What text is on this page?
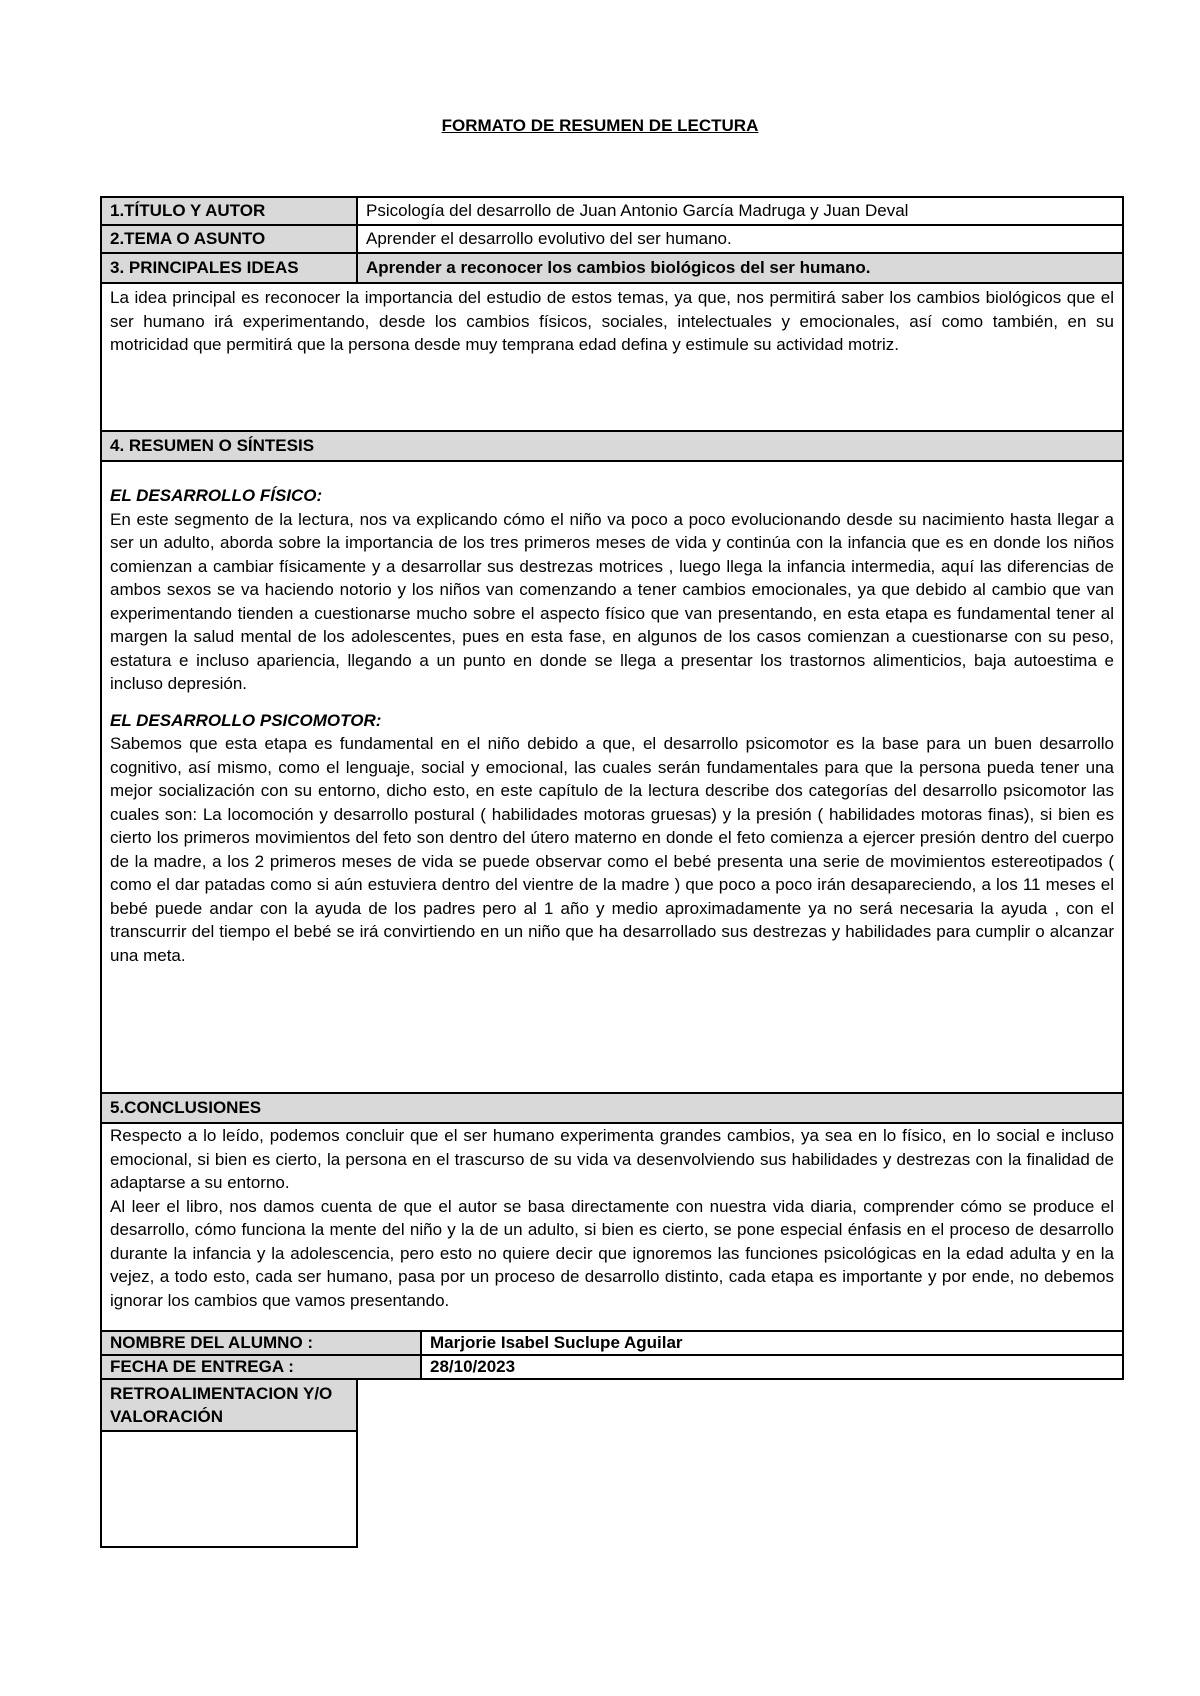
FORMATO DE RESUMEN DE LECTURA
1.TÍTULO Y AUTOR	Psicología del desarrollo de Juan Antonio García Madruga y Juan Deval
2.TEMA O ASUNTO	Aprender el desarrollo evolutivo del ser humano.
3. PRINCIPALES IDEAS	Aprender a reconocer los cambios biológicos del ser humano.

La idea principal es reconocer la importancia del estudio de estos temas, ya que, nos permitirá saber los cambios biológicos que el ser humano irá experimentando, desde los cambios físicos, sociales, intelectuales y emocionales, así como también, en su motricidad que permitirá que la persona desde muy temprana edad defina y estimule su actividad motriz.

4. RESUMEN O SÍNTESIS

EL DESARROLLO FÍSICO:

En este segmento de la lectura, nos va explicando cómo el niño va poco a poco evolucionando desde su nacimiento hasta llegar a ser un adulto, aborda sobre la importancia de los tres primeros meses de vida y continúa con la infancia que es en donde los niños comienzan a cambiar físicamente y a desarrollar sus destrezas motrices , luego llega la infancia intermedia, aquí las diferencias de ambos sexos se va haciendo notorio y los niños van comenzando a tener cambios emocionales, ya que debido al cambio que van experimentando tienden a cuestionarse mucho sobre el aspecto físico que van presentando, en esta etapa es fundamental tener al margen la salud mental de los adolescentes, pues en esta fase, en algunos de los casos comienzan a cuestionarse con su peso, estatura e incluso apariencia, llegando a un punto en donde se llega a presentar los trastornos alimenticios, baja autoestima e incluso depresión.

EL DESARROLLO PSICOMOTOR:

Sabemos que esta etapa es fundamental en el niño debido a que, el desarrollo psicomotor es la base para un buen desarrollo cognitivo, así mismo, como el lenguaje, social y emocional, las cuales serán fundamentales para que la persona pueda tener una mejor socialización con su entorno, dicho esto, en este capítulo de la lectura describe dos categorías del desarrollo psicomotor las cuales son: La locomoción y desarrollo postural ( habilidades motoras gruesas) y la presión ( habilidades motoras finas), si bien es cierto los primeros movimientos del feto son dentro del útero materno en donde el feto comienza a ejercer presión dentro del cuerpo de la madre, a los 2 primeros meses de vida se puede observar como el bebé presenta una serie de movimientos estereotipados ( como el dar patadas como si aún estuviera dentro del vientre de la madre ) que poco a poco irán desapareciendo, a los 11 meses el bebé puede andar con la ayuda de los padres pero al 1 año y medio aproximadamente ya no será necesaria la ayuda , con el transcurrir del tiempo el bebé se irá convirtiendo en un niño que ha desarrollado sus destrezas y habilidades para cumplir o alcanzar una meta.

5.CONCLUSIONES

Respecto a lo leído, podemos concluir que el ser humano experimenta grandes cambios, ya sea en lo físico, en lo social e incluso emocional, si bien es cierto, la persona en el trascurso de su vida va desenvolviendo sus habilidades y destrezas con la finalidad de adaptarse a su entorno.

Al leer el libro, nos damos cuenta de que el autor se basa directamente con nuestra vida diaria, comprender cómo se produce el desarrollo, cómo funciona la mente del niño y la de un adulto, si bien es cierto, se pone especial énfasis en el proceso de desarrollo durante la infancia y la adolescencia, pero esto no quiere decir que ignoremos las funciones psicológicas en la edad adulta y en la vejez, a todo esto, cada ser humano, pasa por un proceso de desarrollo distinto, cada etapa es importante y por ende, no debemos ignorar los cambios que vamos presentando.

NOMBRE DEL ALUMNO :	Marjorie Isabel Suclupe Aguilar
FECHA DE ENTREGA :	28/10/2023
RETROALIMENTACION Y/O VALORACIÓN
